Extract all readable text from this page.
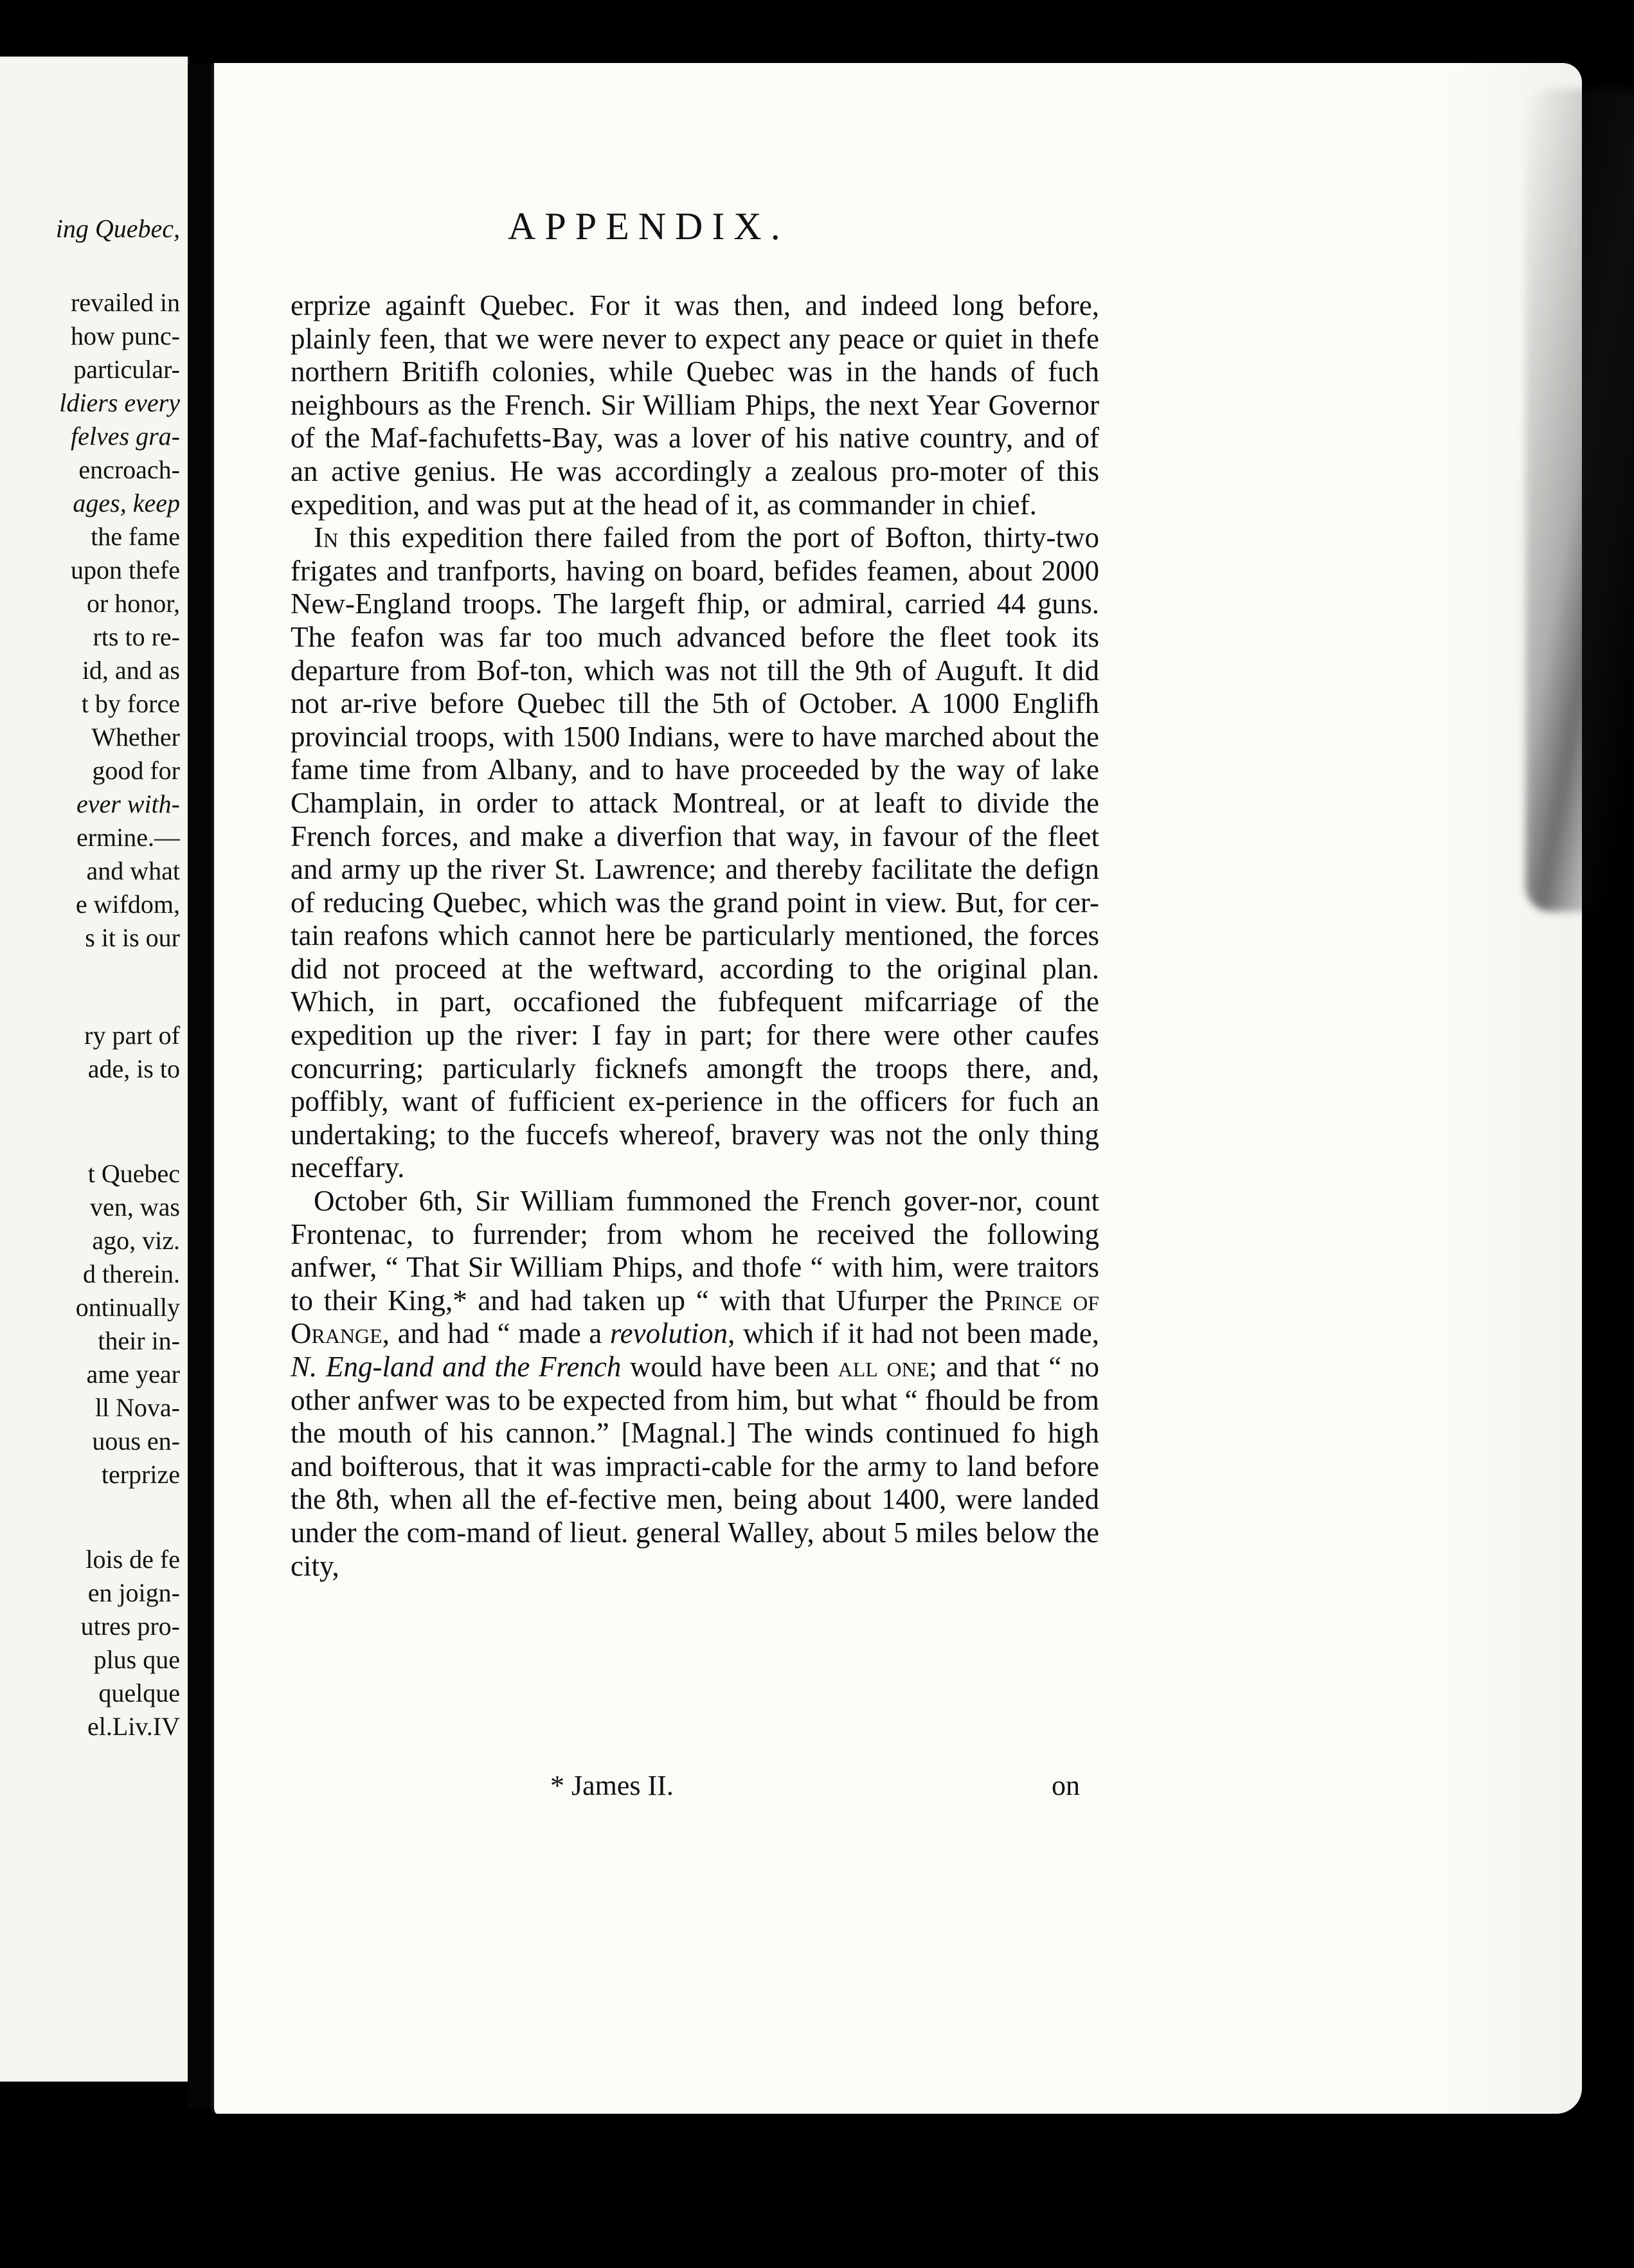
ing Quebec,
revailed in
how punc-
particular-
ldiers every
felves gra-
encroach-
ages, keep
the fame
upon thefe
or honor,
rts to re-
id, and as
t by force
Whether
good for
ever with-
ermine.—
and what
e wifdom,
s it is our
ry part of
ade, is to
t Quebec
ven, was
ago, viz.
d therein.
ontinually
their in-
ame year
ll Nova-
uous en-
terprize
lois de fe
en joign-
utres pro-
plus que
quelque
el.Liv.IV
APPENDIX.

erprize againft Quebec. For it was then, and indeed long before, plainly feen, that we were never to expect any peace or quiet in thefe northern Britifh colonies, while Quebec was in the hands of fuch neighbours as the French. Sir William Phips, the next Year Governor of the Maf-fachufetts-Bay, was a lover of his native country, and of an active genius. He was accordingly a zealous pro-moter of this expedition, and was put at the head of it, as commander in chief.

In this expedition there failed from the port of Bofton, thirty-two frigates and tranfports, having on board, befides feamen, about 2000 New-England troops. The largeft fhip, or admiral, carried 44 guns. The feafon was far too much advanced before the fleet took its departure from Bof-ton, which was not till the 9th of Auguft. It did not ar-rive before Quebec till the 5th of October. A 1000 Englifh provincial troops, with 1500 Indians, were to have marched about the fame time from Albany, and to have proceeded by the way of lake Champlain, in order to attack Montreal, or at leaft to divide the French forces, and make a diverfion that way, in favour of the fleet and army up the river St. Lawrence; and thereby facilitate the defign of reducing Quebec, which was the grand point in view. But, for cer-tain reafons which cannot here be particularly mentioned, the forces did not proceed at the weftward, according to the original plan. Which, in part, occafioned the fubfequent mifcarriage of the expedition up the river: I fay in part; for there were other caufes concurring; particularly ficknefs amongft the troops there, and, poffibly, want of fufficient ex-perience in the officers for fuch an undertaking; to the fuccefs whereof, bravery was not the only thing neceffary.

October 6th, Sir William fummoned the French gover-nor, count Frontenac, to furrender; from whom he received the following anfwer, “ That Sir William Phips, and thofe “ with him, were traitors to their King,* and had taken up “ with that Ufurper the Prince of Orange, and had “ made a revolution, which if it had not been made, N. Eng-land and the French would have been all one; and that “ no other anfwer was to be expected from him, but what “ fhould be from the mouth of his cannon.” [Magnal.] The winds continued fo high and boifterous, that it was impracti-cable for the army to land before the 8th, when all the ef-fective men, being about 1400, were landed under the com-mand of lieut. general Walley, about 5 miles below the city,

* James II.	on
